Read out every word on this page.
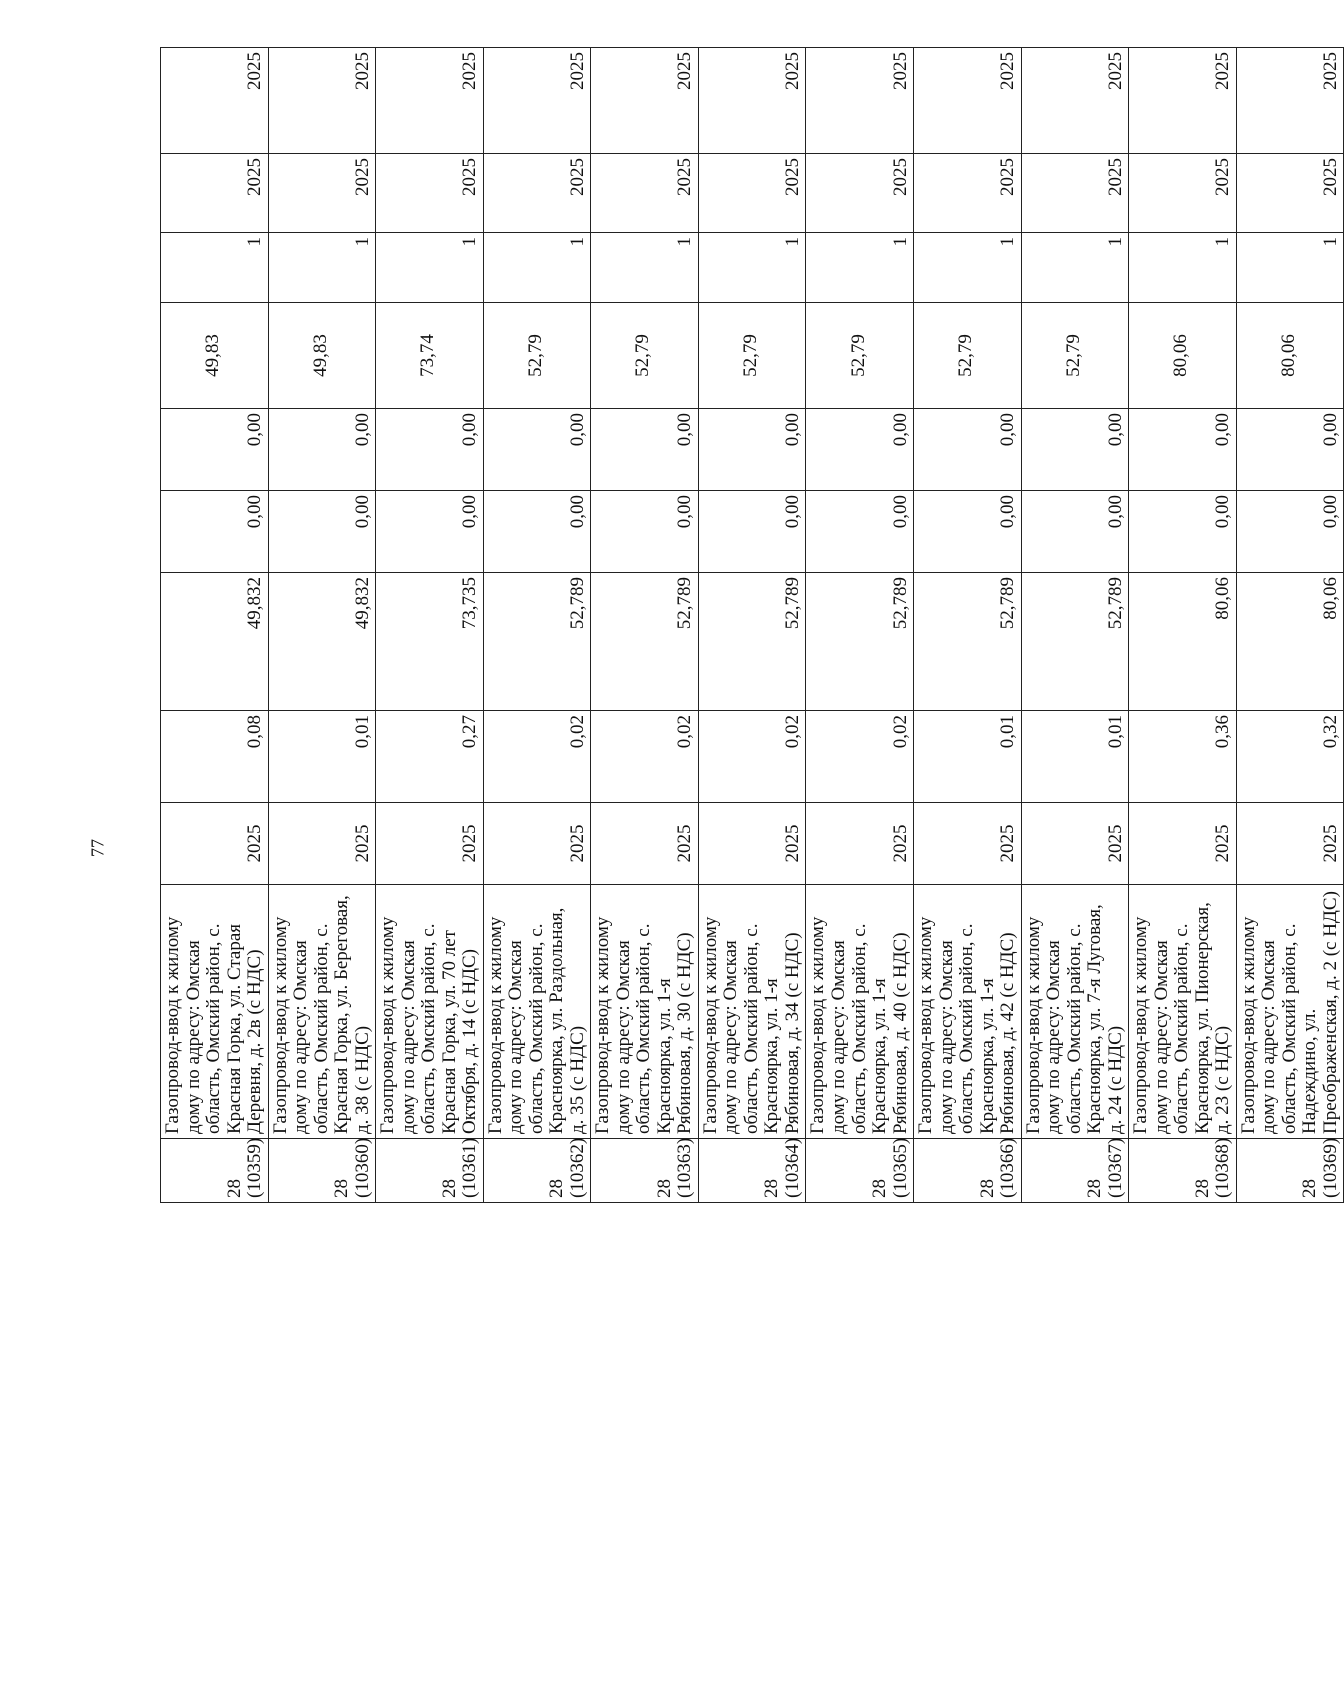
77
28 (10359)	Газопровод-ввод к жилому дому по адресу: Омская область, Омский район, с. Красная Горка, ул. Старая Деревня, д. 2в (с НДС)	2025	0,08	49,832	0,00	0,00	49,83	1	2025	2025

28 (10360)	Газопровод-ввод к жилому дому по адресу: Омская область, Омский район, с. Красная Горка, ул. Береговая, д. 38 (с НДС)	2025	0,01	49,832	0,00	0,00	49,83	1	2025	2025

28 (10361)	Газопровод-ввод к жилому дому по адресу: Омская область, Омский район, с. Красная Горка, ул. 70 лет Октября, д. 14 (с НДС)	2025	0,27	73,735	0,00	0,00	73,74	1	2025	2025

28 (10362)	Газопровод-ввод к жилому дому по адресу: Омская область, Омский район, с. Красноярка, ул. Раздольная, д. 35 (с НДС)	2025	0,02	52,789	0,00	0,00	52,79	1	2025	2025

28 (10363)	Газопровод-ввод к жилому дому по адресу: Омская область, Омский район, с. Красноярка, ул. 1-я Рябиновая, д. 30 (с НДС)	2025	0,02	52,789	0,00	0,00	52,79	1	2025	2025

28 (10364)	Газопровод-ввод к жилому дому по адресу: Омская область, Омский район, с. Красноярка, ул. 1-я Рябиновая, д. 34 (с НДС)	2025	0,02	52,789	0,00	0,00	52,79	1	2025	2025

28 (10365)	Газопровод-ввод к жилому дому по адресу: Омская область, Омский район, с. Красноярка, ул. 1-я Рябиновая, д. 40 (с НДС)	2025	0,02	52,789	0,00	0,00	52,79	1	2025	2025

28 (10366)	Газопровод-ввод к жилому дому по адресу: Омская область, Омский район, с. Красноярка, ул. 1-я Рябиновая, д. 42 (с НДС)	2025	0,01	52,789	0,00	0,00	52,79	1	2025	2025

28 (10367)	Газопровод-ввод к жилому дому по адресу: Омская область, Омский район, с. Красноярка, ул. 7-я Луговая, д. 24 (с НДС)	2025	0,01	52,789	0,00	0,00	52,79	1	2025	2025

28 (10368)	Газопровод-ввод к жилому дому по адресу: Омская область, Омский район, с. Красноярка, ул. Пионерская, д. 23 (с НДС)	2025	0,36	80,06	0,00	0,00	80,06	1	2025	2025

28 (10369)	Газопровод-ввод к жилому дому по адресу: Омская область, Омский район, с. Надеждино, ул. Преображенская, д. 2 (с НДС)	2025	0,32	80,06	0,00	0,00	80,06	1	2025	2025
